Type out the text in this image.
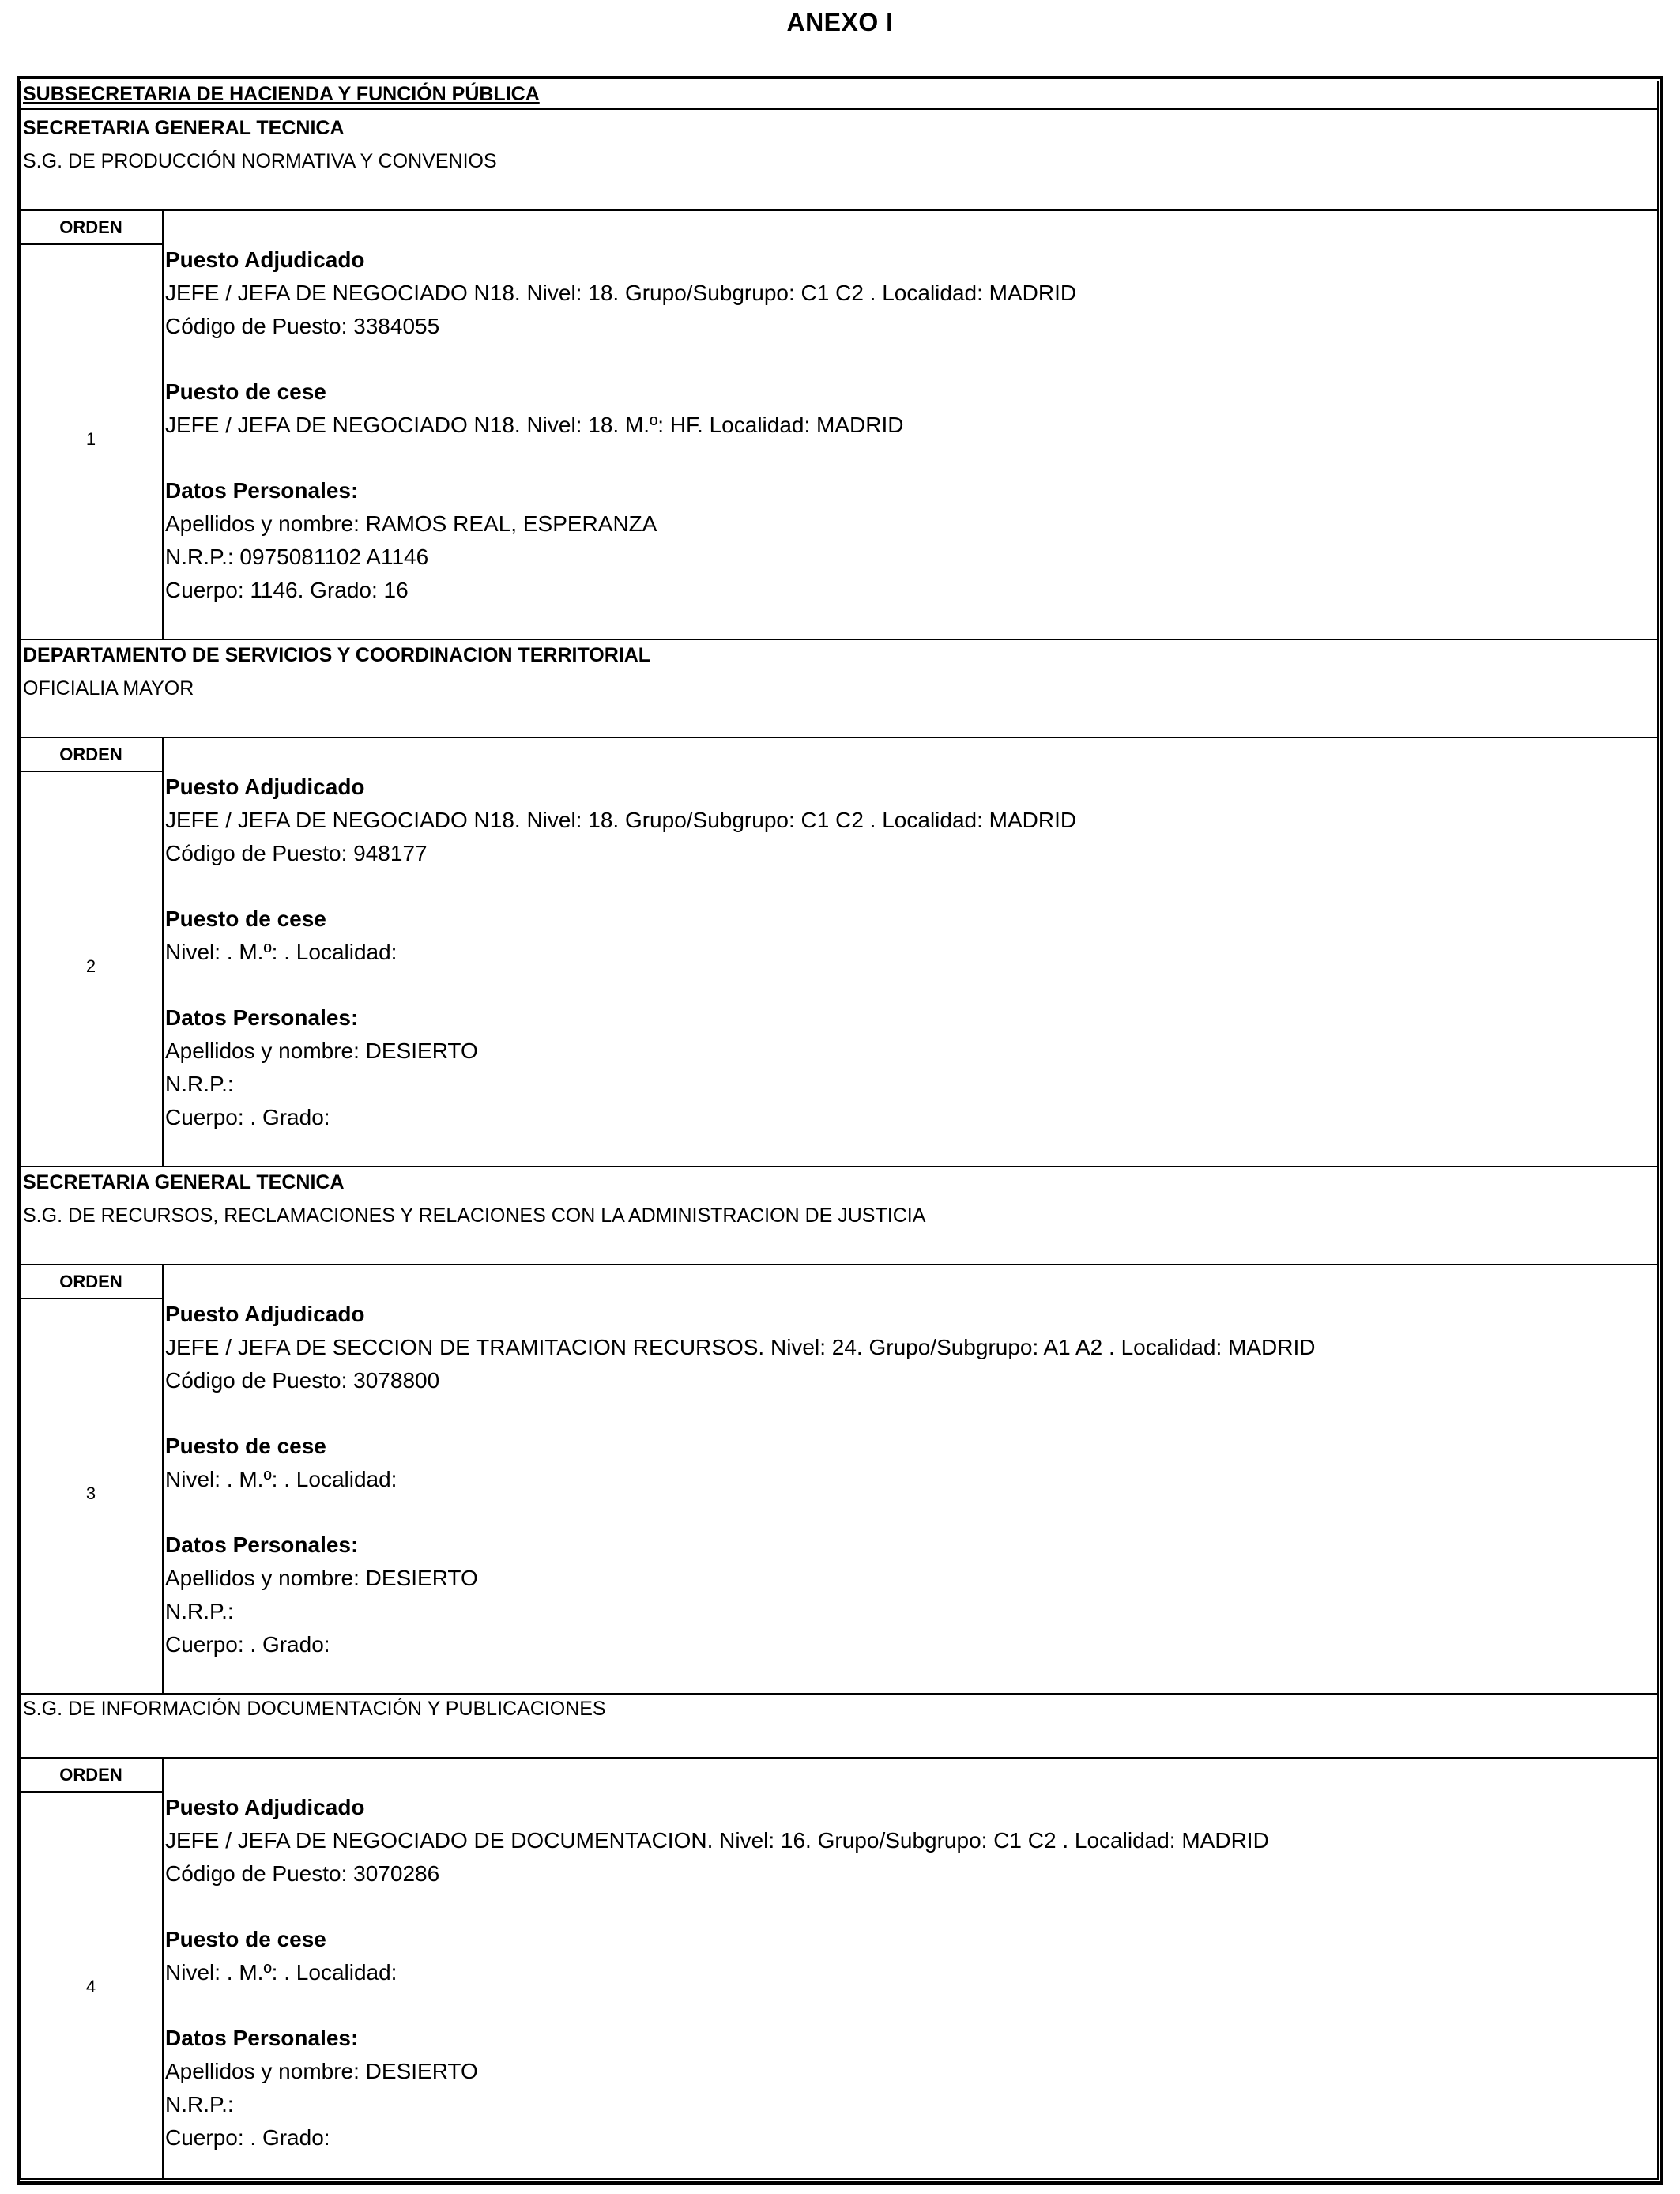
ANEXO I
SUBSECRETARIA DE HACIENDA Y FUNCIÓN PÚBLICA
SECRETARIA GENERAL TECNICA
S.G. DE PRODUCCIÓN NORMATIVA Y CONVENIOS
ORDEN
1
Puesto Adjudicado
JEFE / JEFA DE NEGOCIADO N18. Nivel: 18. Grupo/Subgrupo: C1 C2 . Localidad: MADRID
Código de Puesto: 3384055
Puesto de cese
JEFE / JEFA DE NEGOCIADO N18. Nivel: 18. M.º: HF. Localidad: MADRID
Datos Personales:
Apellidos y nombre: RAMOS REAL, ESPERANZA
N.R.P.: 0975081102 A1146
Cuerpo: 1146. Grado: 16
DEPARTAMENTO DE SERVICIOS Y COORDINACION TERRITORIAL
OFICIALIA MAYOR
ORDEN
2
Puesto Adjudicado
JEFE / JEFA DE NEGOCIADO N18. Nivel: 18. Grupo/Subgrupo: C1 C2 . Localidad: MADRID
Código de Puesto: 948177
Puesto de cese
Nivel: . M.º: . Localidad:
Datos Personales:
Apellidos y nombre: DESIERTO
N.R.P.:
Cuerpo: . Grado:
SECRETARIA GENERAL TECNICA
S.G. DE RECURSOS, RECLAMACIONES Y RELACIONES CON LA ADMINISTRACION DE JUSTICIA
ORDEN
3
Puesto Adjudicado
JEFE / JEFA DE SECCION DE TRAMITACION RECURSOS. Nivel: 24. Grupo/Subgrupo: A1 A2 . Localidad: MADRID
Código de Puesto: 3078800
Puesto de cese
Nivel: . M.º: . Localidad:
Datos Personales:
Apellidos y nombre: DESIERTO
N.R.P.:
Cuerpo: . Grado:
S.G. DE INFORMACIÓN DOCUMENTACIÓN Y PUBLICACIONES
ORDEN
4
Puesto Adjudicado
JEFE / JEFA DE NEGOCIADO DE DOCUMENTACION. Nivel: 16. Grupo/Subgrupo: C1 C2 . Localidad: MADRID
Código de Puesto: 3070286
Puesto de cese
Nivel: . M.º: . Localidad:
Datos Personales:
Apellidos y nombre: DESIERTO
N.R.P.:
Cuerpo: . Grado:
